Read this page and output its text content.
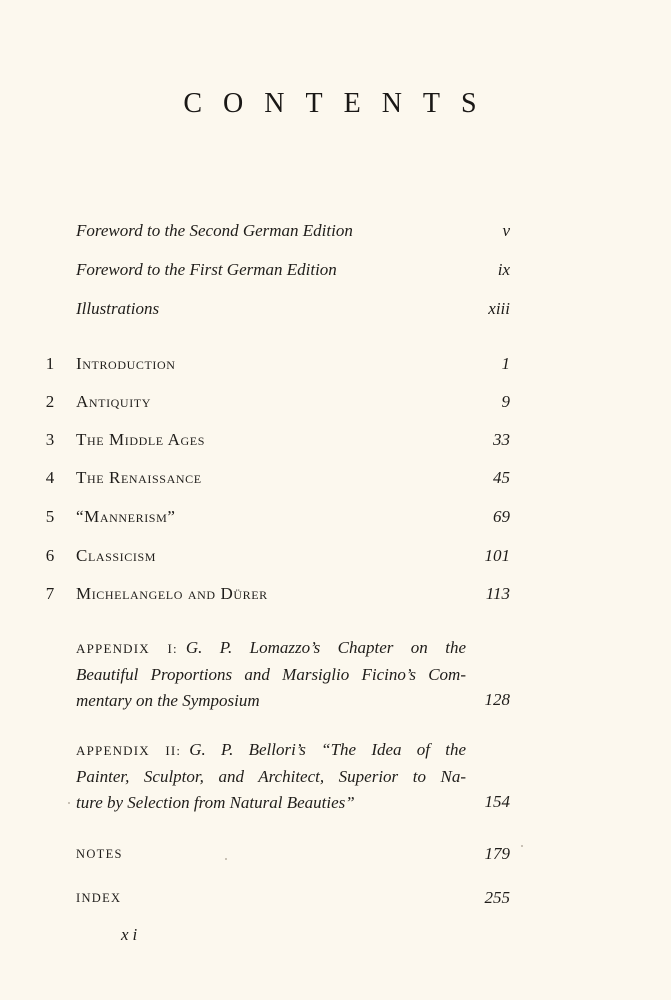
CONTENTS
Foreword to the Second German Edition	v
Foreword to the First German Edition	ix
Illustrations	xiii
1	Introduction	1
2	Antiquity	9
3	The Middle Ages	33
4	The Renaissance	45
5	“Mannerism”	69
6	Classicism	101
7	Michelangelo and Dürer	113
APPENDIX I: G. P. Lomazzo’s Chapter on the
Beautiful Proportions and Marsiglio Ficino’s Com-
mentary on the Symposium	128
APPENDIX II: G. P. Bellori’s “The Idea of the
Painter, Sculptor, and Architect, Superior to Na-
ture by Selection from Natural Beauties”	154
NOTES	179
INDEX	255
xi
